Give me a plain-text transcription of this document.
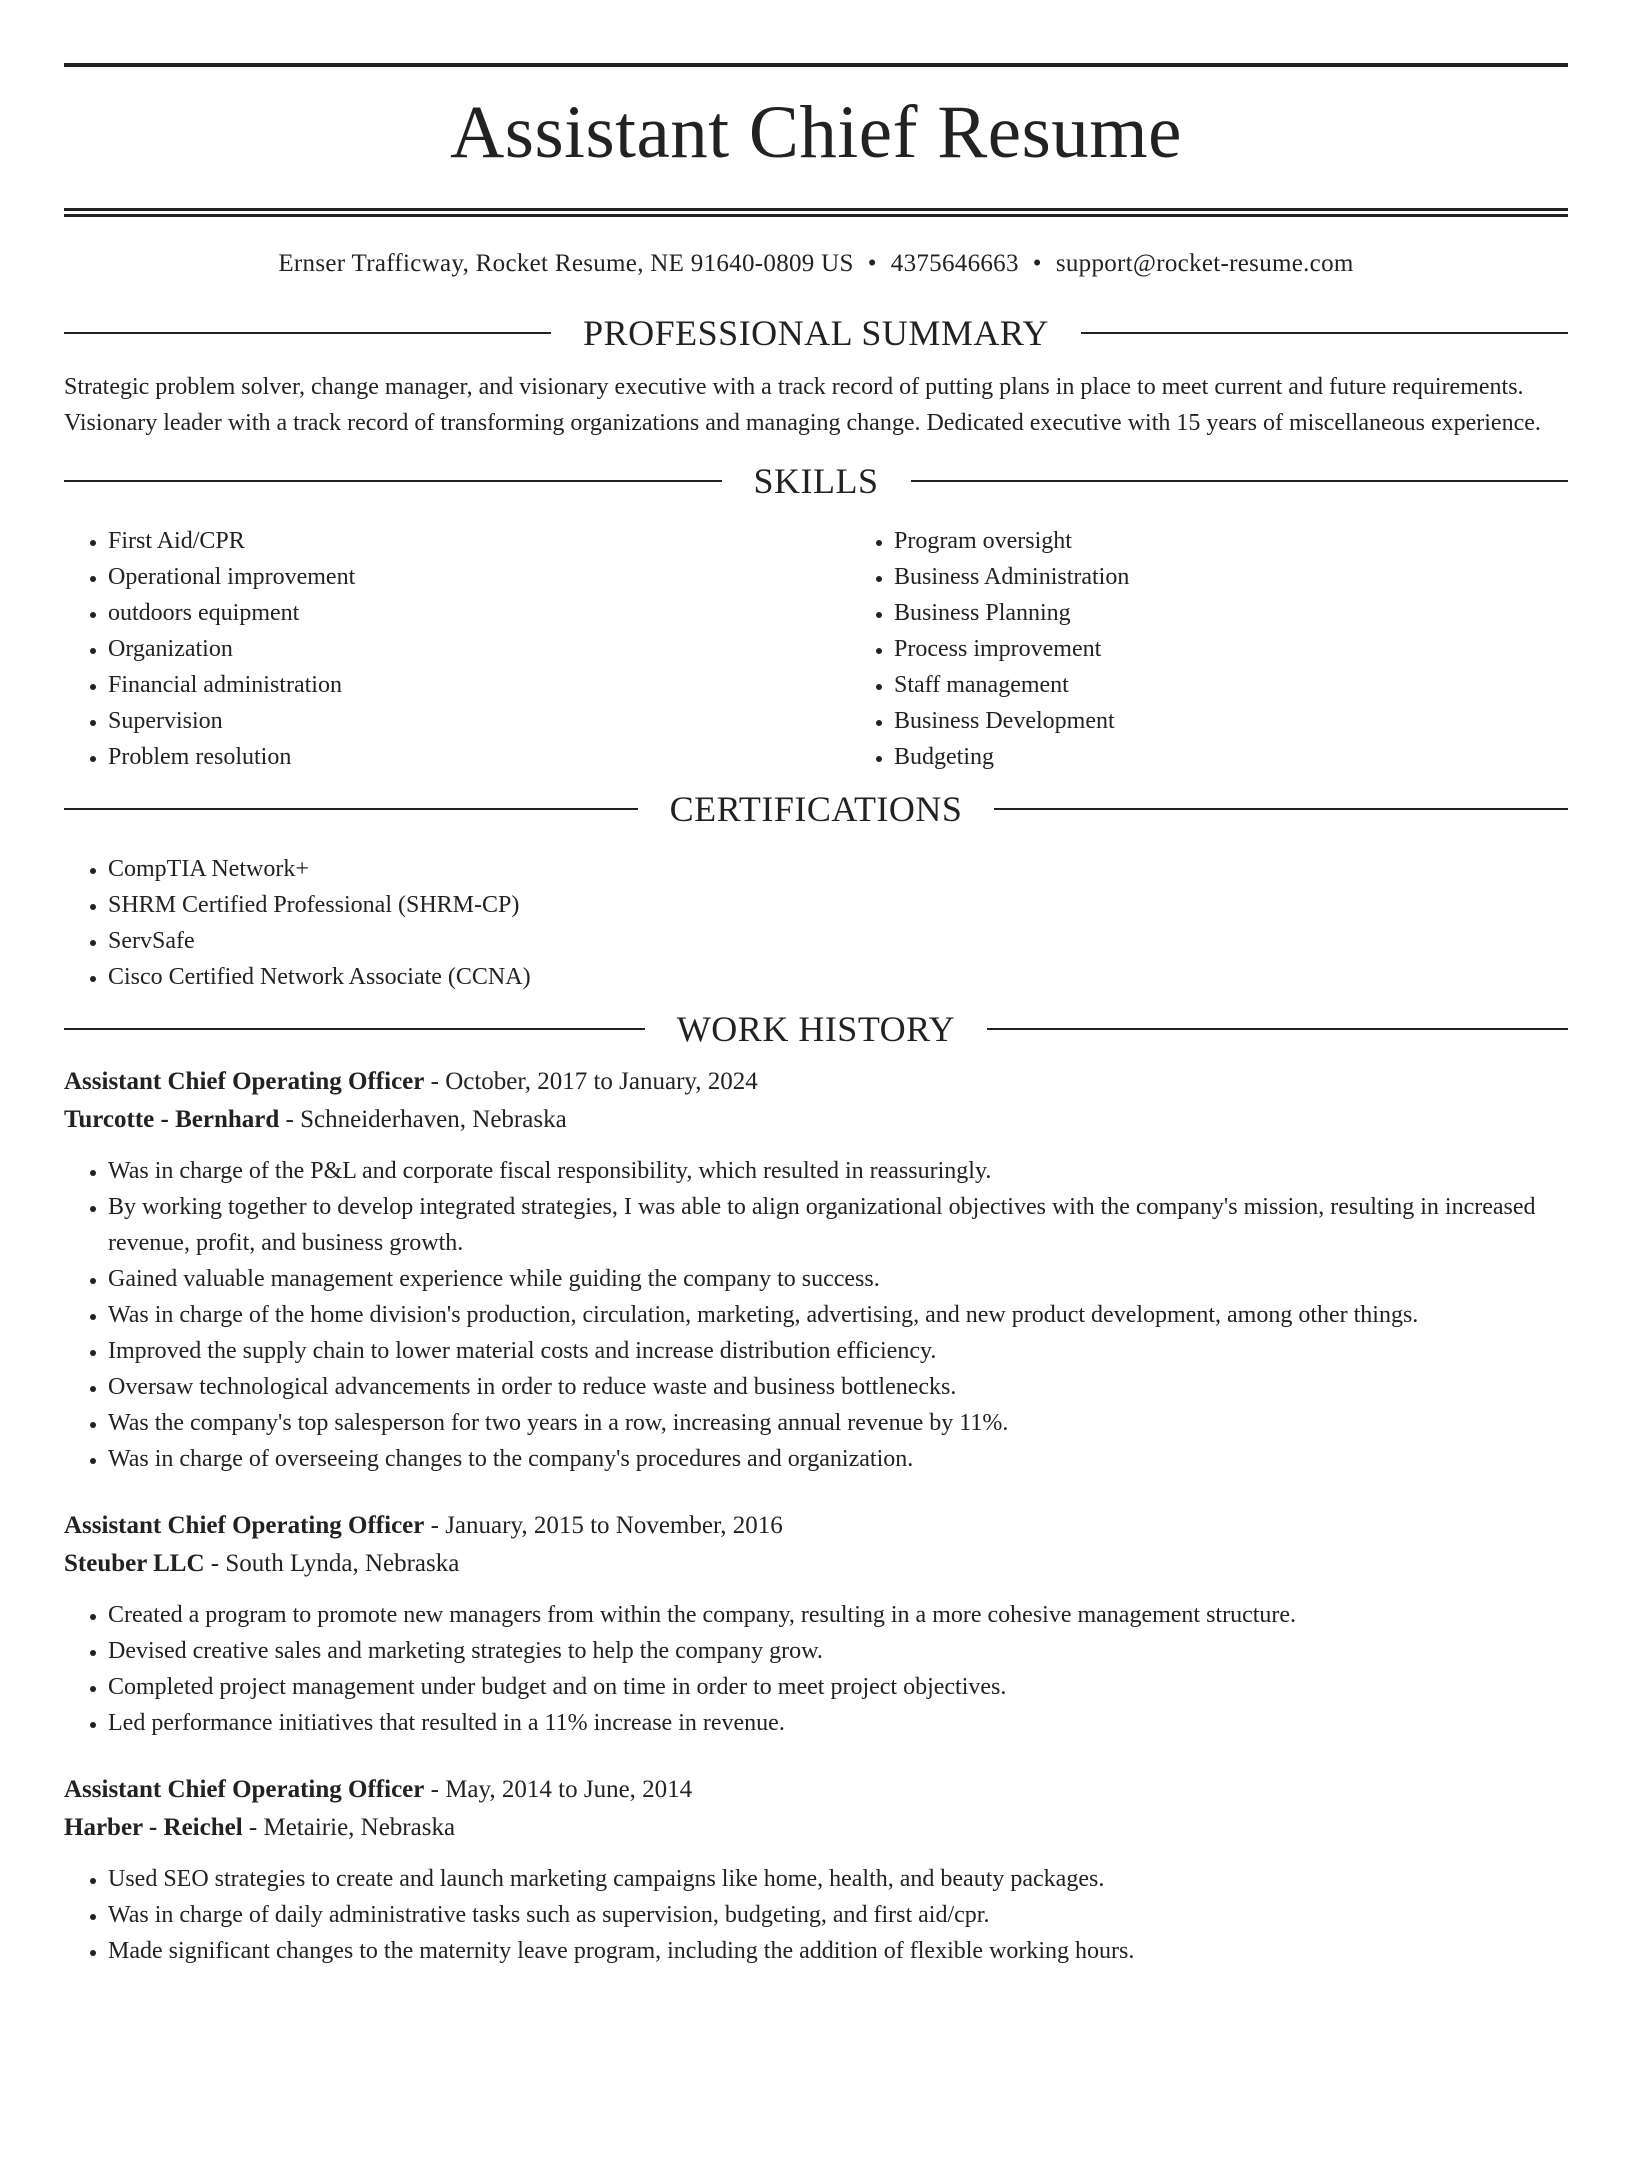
Assistant Chief Resume
Ernser Trafficway, Rocket Resume, NE 91640-0809 US • 4375646663 • support@rocket-resume.com
PROFESSIONAL SUMMARY

Strategic problem solver, change manager, and visionary executive with a track record of putting plans in place to meet current and future requirements. Visionary leader with a track record of transforming organizations and managing change. Dedicated executive with 15 years of miscellaneous experience.

SKILLS
• First Aid/CPR
• Operational improvement
• outdoors equipment
• Organization
• Financial administration
• Supervision
• Problem resolution
• Program oversight
• Business Administration
• Business Planning
• Process improvement
• Staff management
• Business Development
• Budgeting
CERTIFICATIONS
• CompTIA Network+
• SHRM Certified Professional (SHRM-CP)
• ServSafe
• Cisco Certified Network Associate (CCNA)
WORK HISTORY
Assistant Chief Operating Officer - October, 2017 to January, 2024
Turcotte - Bernhard - Schneiderhaven, Nebraska
• Was in charge of the P&L and corporate fiscal responsibility, which resulted in reassuringly.
• By working together to develop integrated strategies, I was able to align organizational objectives with the company's mission, resulting in increased revenue, profit, and business growth.
• Gained valuable management experience while guiding the company to success.
• Was in charge of the home division's production, circulation, marketing, advertising, and new product development, among other things.
• Improved the supply chain to lower material costs and increase distribution efficiency.
• Oversaw technological advancements in order to reduce waste and business bottlenecks.
• Was the company's top salesperson for two years in a row, increasing annual revenue by 11%.
• Was in charge of overseeing changes to the company's procedures and organization.
Assistant Chief Operating Officer - January, 2015 to November, 2016
Steuber LLC - South Lynda, Nebraska
• Created a program to promote new managers from within the company, resulting in a more cohesive management structure.
• Devised creative sales and marketing strategies to help the company grow.
• Completed project management under budget and on time in order to meet project objectives.
• Led performance initiatives that resulted in a 11% increase in revenue.
Assistant Chief Operating Officer - May, 2014 to June, 2014
Harber - Reichel - Metairie, Nebraska
• Used SEO strategies to create and launch marketing campaigns like home, health, and beauty packages.
• Was in charge of daily administrative tasks such as supervision, budgeting, and first aid/cpr.
• Made significant changes to the maternity leave program, including the addition of flexible working hours.
